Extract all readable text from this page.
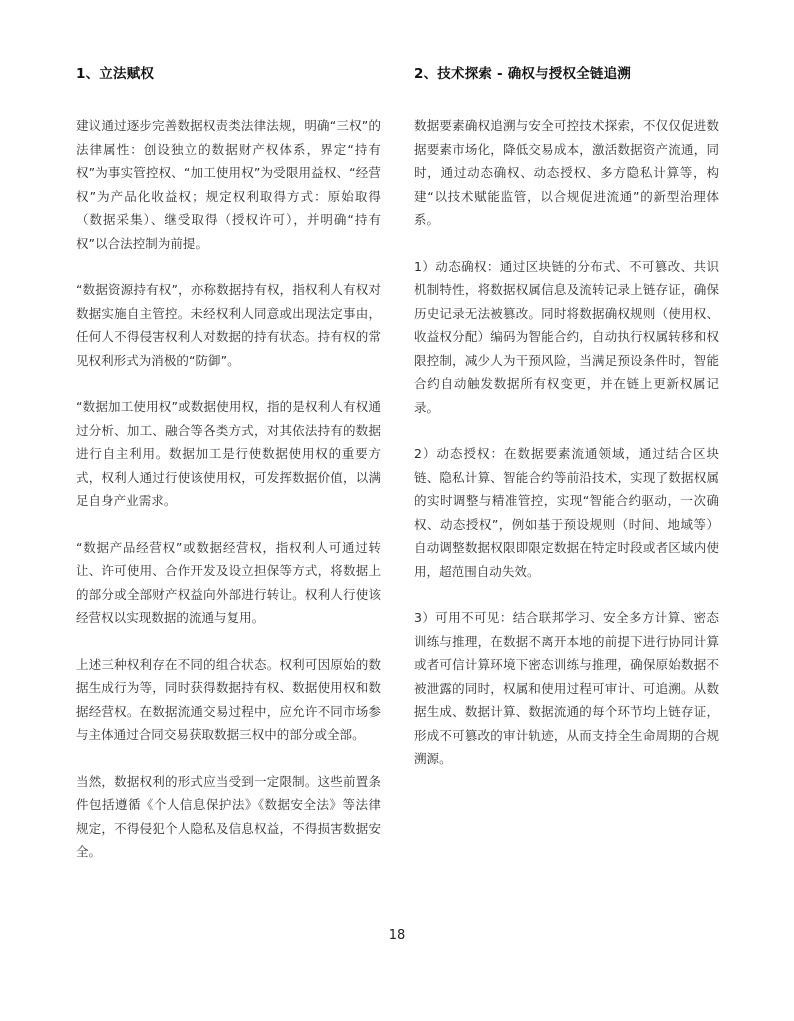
1、立法赋权

建议通过逐步完善数据权责类法律法规，明确“三权”的法律属性：创设独立的数据财产权体系，界定“持有权”为事实管控权、“加工使用权”为受限用益权、“经营权”为产品化收益权；规定权利取得方式：原始取得（数据采集）、继受取得（授权许可），并明确“持有权”以合法控制为前提。

“数据资源持有权”，亦称数据持有权，指权利人有权对数据实施自主管控。未经权利人同意或出现法定事由，任何人不得侵害权利人对数据的持有状态。持有权的常见权利形式为消极的“防御”。

“数据加工使用权”或数据使用权，指的是权利人有权通过分析、加工、融合等各类方式，对其依法持有的数据进行自主利用。数据加工是行使数据使用权的重要方式，权利人通过行使该使用权，可发挥数据价值，以满足自身产业需求。

“数据产品经营权”或数据经营权，指权利人可通过转让、许可使用、合作开发及设立担保等方式，将数据上的部分或全部财产权益向外部进行转让。权利人行使该经营权以实现数据的流通与复用。

上述三种权利存在不同的组合状态。权利可因原始的数据生成行为等，同时获得数据持有权、数据使用权和数据经营权。在数据流通交易过程中，应允许不同市场参与主体通过合同交易获取数据三权中的部分或全部。

当然，数据权利的形式应当受到一定限制。这些前置条件包括遵循《个人信息保护法》《数据安全法》等法律规定，不得侵犯个人隐私及信息权益，不得损害数据安全。

2、技术探索 - 确权与授权全链追溯

数据要素确权追溯与安全可控技术探索，不仅仅促进数据要素市场化，降低交易成本，激活数据资产流通，同时，通过动态确权、动态授权、多方隐私计算等，构建“以技术赋能监管，以合规促进流通”的新型治理体系。

1）动态确权：通过区块链的分布式、不可篡改、共识机制特性，将数据权属信息及流转记录上链存证，确保历史记录无法被篡改。同时将数据确权规则（使用权、收益权分配）编码为智能合约，自动执行权属转移和权限控制，减少人为干预风险，当满足预设条件时，智能合约自动触发数据所有权变更，并在链上更新权属记录。

2）动态授权：在数据要素流通领域，通过结合区块链、隐私计算、智能合约等前沿技术，实现了数据权属的实时调整与精准管控，实现“智能合约驱动，一次确权、动态授权”，例如基于预设规则（时间、地域等）自动调整数据权限即限定数据在特定时段或者区域内使用，超范围自动失效。

3）可用不可见：结合联邦学习、安全多方计算、密态训练与推理，在数据不离开本地的前提下进行协同计算或者可信计算环境下密态训练与推理，确保原始数据不被泄露的同时，权属和使用过程可审计、可追溯。从数据生成、数据计算、数据流通的每个环节均上链存证，形成不可篡改的审计轨迹，从而支持全生命周期的合规溯源。

18
